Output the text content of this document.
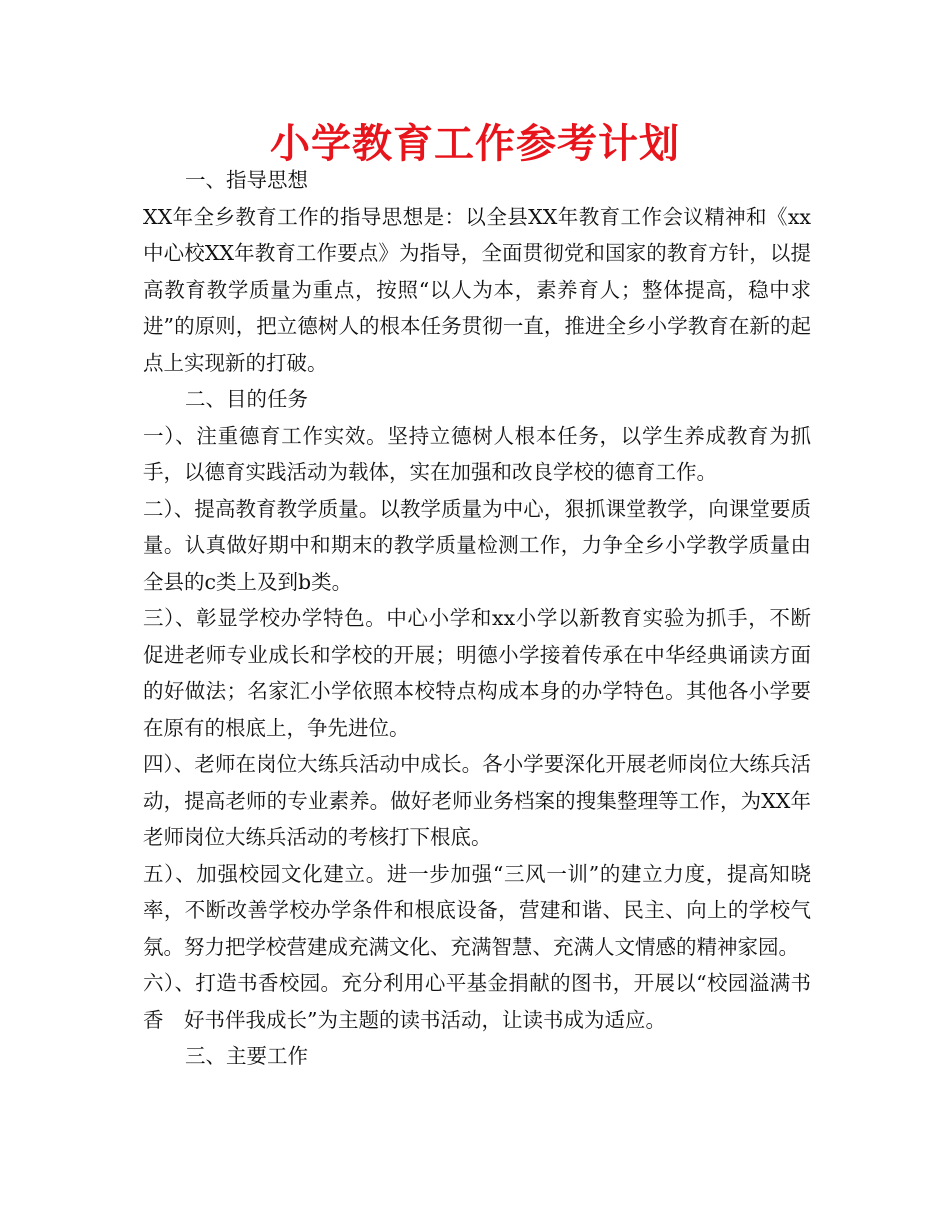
小学教育工作参考计划

一、指导思想

XX年全乡教育工作的指导思想是：以全县XX年教育工作会议精神和《xx中心校XX年教育工作要点》为指导，全面贯彻党和国家的教育方针，以提高教育教学质量为重点，按照“以人为本，素养育人；整体提高，稳中求进”的原则，把立德树人的根本任务贯彻一直，推进全乡小学教育在新的起点上实现新的打破。

二、目的任务

一）、注重德育工作实效。坚持立德树人根本任务，以学生养成教育为抓手，以德育实践活动为载体，实在加强和改良学校的德育工作。

二）、提高教育教学质量。以教学质量为中心，狠抓课堂教学，向课堂要质量。认真做好期中和期末的教学质量检测工作，力争全乡小学教学质量由全县的c类上及到b类。

三）、彰显学校办学特色。中心小学和xx小学以新教育实验为抓手，不断促进老师专业成长和学校的开展；明德小学接着传承在中华经典诵读方面的好做法；名家汇小学依照本校特点构成本身的办学特色。其他各小学要在原有的根底上，争先进位。

四）、老师在岗位大练兵活动中成长。各小学要深化开展老师岗位大练兵活动，提高老师的专业素养。做好老师业务档案的搜集整理等工作，为XX年老师岗位大练兵活动的考核打下根底。

五）、加强校园文化建立。进一步加强“三风一训”的建立力度，提高知晓率，不断改善学校办学条件和根底设备，营建和谐、民主、向上的学校气氛。努力把学校营建成充满文化、充满智慧、充满人文情感的精神家园。

六）、打造书香校园。充分利用心平基金捐献的图书，开展以“校园溢满书香　好书伴我成长”为主题的读书活动，让读书成为适应。

三、主要工作
